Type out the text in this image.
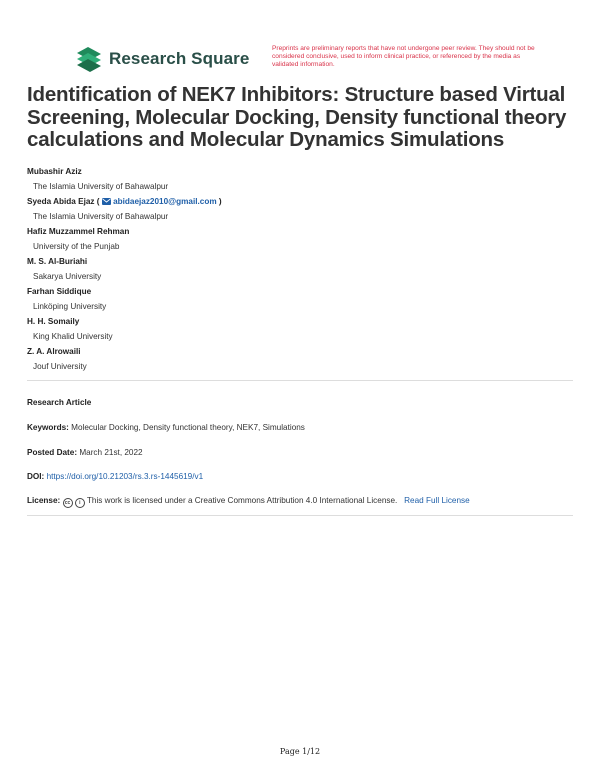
Research Square
Preprints are preliminary reports that have not undergone peer review. They should not be considered conclusive, used to inform clinical practice, or referenced by the media as validated information.
Identification of NEK7 Inhibitors: Structure based Virtual Screening, Molecular Docking, Density functional theory calculations and Molecular Dynamics Simulations
Mubashir Aziz
The Islamia University of Bahawalpur
Syeda Abida Ejaz (  abidaejaz2010@gmail.com )
The Islamia University of Bahawalpur
Hafiz Muzzammel Rehman
University of the Punjab
M. S. Al-Buriahi
Sakarya University
Farhan Siddique
Linköping University
H. H. Somaily
King Khalid University
Z. A. Alrowaili
Jouf University
Research Article
Keywords: Molecular Docking, Density functional theory, NEK7, Simulations
Posted Date: March 21st, 2022
DOI: https://doi.org/10.21203/rs.3.rs-1445619/v1
License: cc i This work is licensed under a Creative Commons Attribution 4.0 International License. Read Full License
Page 1/12
